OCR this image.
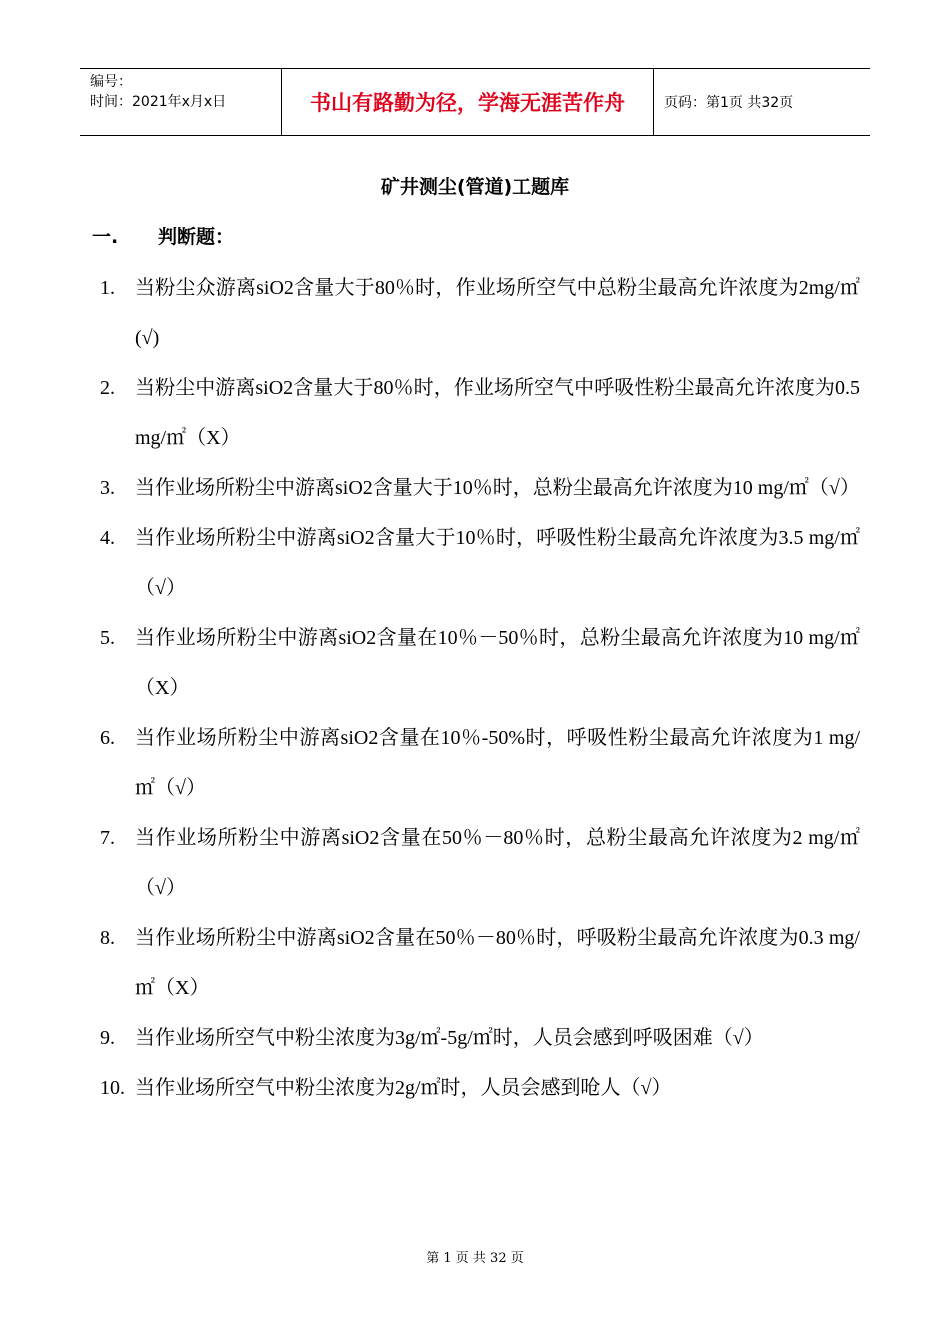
编号：
时间：2021年x月x日	书山有路勤为径，学海无涯苦作舟	页码：第1页 共32页
矿井测尘(管道)工题库
一. 判断题：
1.	当粉尘众游离siO2含量大于80％时，作业场所空气中总粉尘最高允许浓度为2mg/㎡(√)
2.	当粉尘中游离siO2含量大于80％时，作业场所空气中呼吸性粉尘最高允许浓度为0.5 mg/㎡（X）
3.	当作业场所粉尘中游离siO2含量大于10％时，总粉尘最高允许浓度为10 mg/㎡（√）
4.	当作业场所粉尘中游离siO2含量大于10％时，呼吸性粉尘最高允许浓度为3.5 mg/㎡（√）
5.	当作业场所粉尘中游离siO2含量在10％－50％时，总粉尘最高允许浓度为10 mg/㎡（X）
6.	当作业场所粉尘中游离siO2含量在10％-50%时，呼吸性粉尘最高允许浓度为1 mg/㎡（√）
7.	当作业场所粉尘中游离siO2含量在50％－80％时，总粉尘最高允许浓度为2 mg/㎡（√）
8.	当作业场所粉尘中游离siO2含量在50％－80％时，呼吸粉尘最高允许浓度为0.3 mg/㎡（X）
9.	当作业场所空气中粉尘浓度为3g/㎡-5g/㎡时，人员会感到呼吸困难（√）
10. 当作业场所空气中粉尘浓度为2g/㎡时，人员会感到呛人（√）
第 1 页 共 32 页
